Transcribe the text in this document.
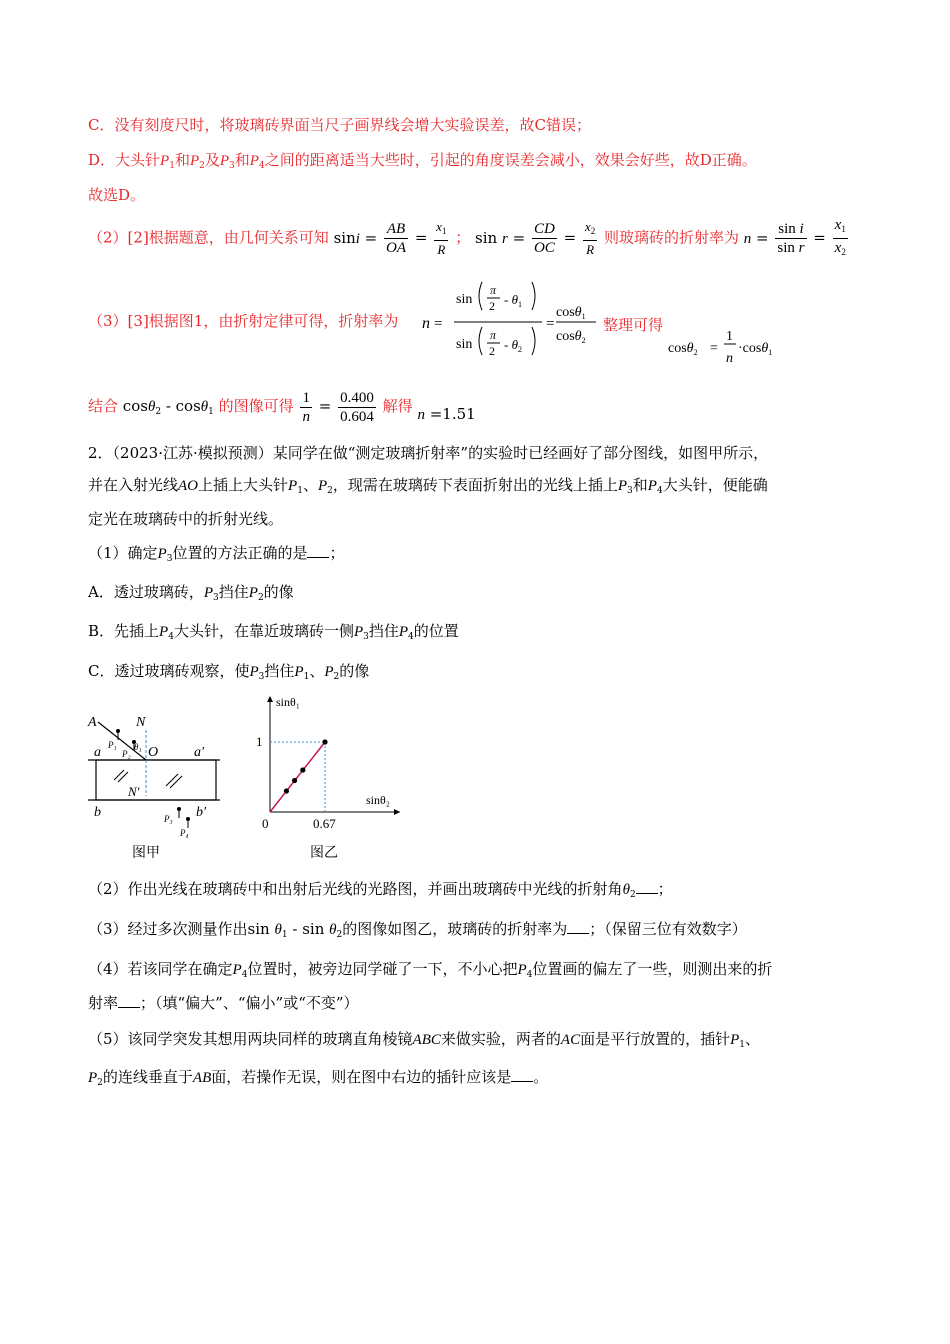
C．没有刻度尺时，将玻璃砖界面当尺子画界线会增大实验误差，故C错误；
D．大头针$P_1$和$P_2$及$P_3$和$P_4$之间的距离适当大些时，引起的角度误差会减小，效果会好些，故D正确。
故选D。
（2）[2]根据题意，由几何关系可知 $\sin i = \frac{AB}{OA} = \frac{x_1}{R}$ ； $\sin r = \frac{CD}{OC} = \frac{x_2}{R}$ 则玻璃砖的折射率为 $n = \frac{\text{sin i}}{\text{sin r}} = \frac{x_1}{x_2}$
（3）[3]根据图1，由折射定律可得，折射率为 n =
sin
π
$2 - \theta_1$
sin
π
$2 - \theta_2$
=
cosθ$_1$
cosθ$_2$
整理可得
cosθ$_2$ =
1
n
·cosθ$_1$
结合 cosθ$_2$ - cosθ$_1$ 的图像可得 $\frac{1}{n} = \frac{0.400}{0.604}$ 解得 n =1.51
2．（2023·江苏·模拟预测）某同学在做“测定玻璃折射率”的实验时已经画好了部分图线，如图甲所示，
并在入射光线AO上插上大头针$P_1$、$P_2$，现需在玻璃砖下表面折射出的光线上插上$P_3$和$P_4$大头针，便能确
定光在玻璃砖中的折射光线。
（1）确定$P_3$位置的方法正确的是 ；
A．透过玻璃砖，$P_3$挡住$P_2$的像
B．先插上$P_4$大头针，在靠近玻璃砖一侧$P_3$挡住$P_4$的位置
C．透过玻璃砖观察，使$P_3$挡住$P_1$、$P_2$的像
A	N
a	a′
O
θ₁
P₁
P₂
N′
b	b′
P₃
P₄
图甲
sinθ₁
sinθ₂
0	0.67
1
图乙
（2）作出光线在玻璃砖中和出射后光线的光路图，并画出玻璃砖中光线的折射角$\theta_2$ ；
（3）经过多次测量作出$\sin \theta_1$ - $\sin \theta_2$的图像如图乙，玻璃砖的折射率为 ；（保留三位有效数字）
（4）若该同学在确定$P_4$位置时，被旁边同学碰了一下，不小心把$P_4$位置画的偏左了一些，则测出来的折
射率 ；（填“偏大”、“偏小”或“不变”）
（5）该同学突发其想用两块同样的玻璃直角棱镜ABC来做实验，两者的AC面是平行放置的，插针$P_1$、
$P_2$的连线垂直于AB面，若操作无误，则在图中右边的插针应该是 。
